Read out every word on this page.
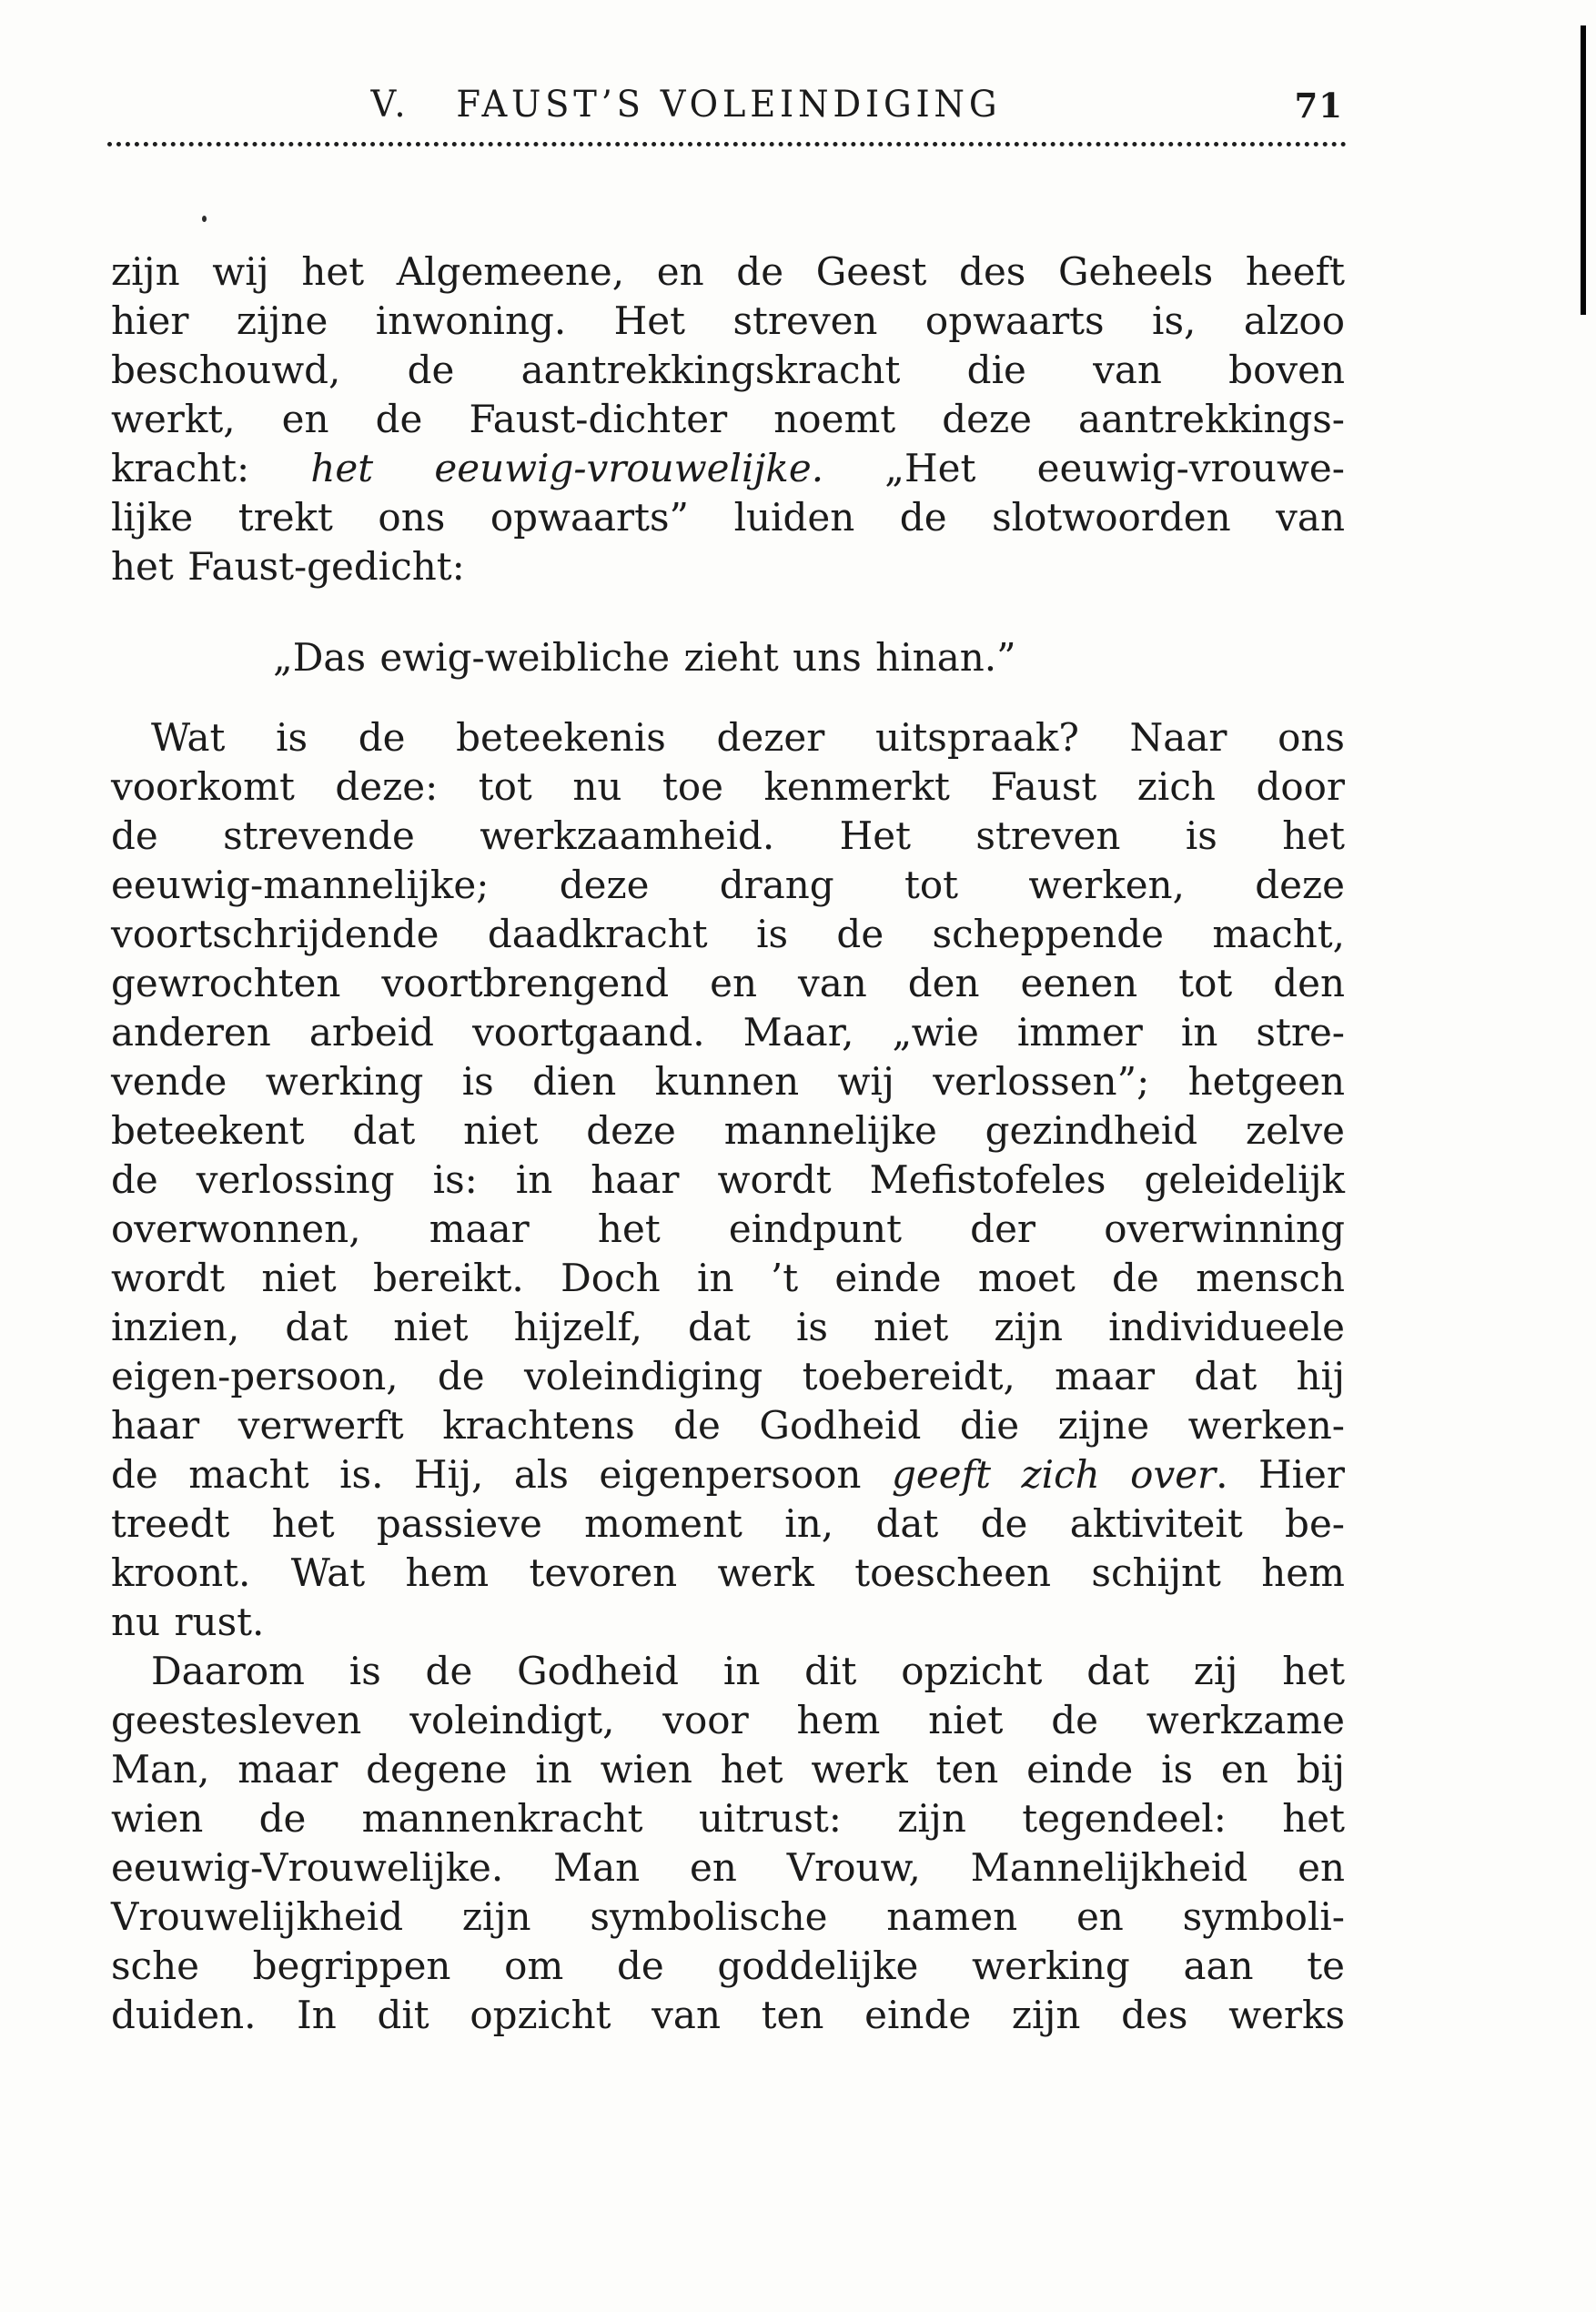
V.   FAUST’S VOLEINDIGING	71
zijn wij het Algemeene, en de Geest des Geheels heeft
hier zijne inwoning. Het streven opwaarts is, alzoo
beschouwd, de aantrekkingskracht die van boven
werkt, en de Faust-dichter noemt deze aantrekkings-
kracht: het eeuwig-vrouwelijke. „Het eeuwig-vrouwe-
lijke trekt ons opwaarts” luiden de slotwoorden van
het Faust-gedicht:
„Das ewig-weibliche zieht uns hinan.”
Wat is de beteekenis dezer uitspraak? Naar ons
voorkomt deze: tot nu toe kenmerkt Faust zich door
de strevende werkzaamheid. Het streven is het
eeuwig-mannelijke; deze drang tot werken, deze
voortschrijdende daadkracht is de scheppende macht,
gewrochten voortbrengend en van den eenen tot den
anderen arbeid voortgaand. Maar, „wie immer in stre-
vende werking is dien kunnen wij verlossen”; hetgeen
beteekent dat niet deze mannelijke gezindheid zelve
de verlossing is: in haar wordt Mefistofeles geleidelijk
overwonnen, maar het eindpunt der overwinning
wordt niet bereikt. Doch in ’t einde moet de mensch
inzien, dat niet hijzelf, dat is niet zijn individueele
eigen-persoon, de voleindiging toebereidt, maar dat hij
haar verwerft krachtens de Godheid die zijne werken-
de macht is. Hij, als eigenpersoon geeft zich over. Hier
treedt het passieve moment in, dat de aktiviteit be-
kroont. Wat hem tevoren werk toescheen schijnt hem
nu rust.
Daarom is de Godheid in dit opzicht dat zij het
geestesleven voleindigt, voor hem niet de werkzame
Man, maar degene in wien het werk ten einde is en bij
wien de mannenkracht uitrust: zijn tegendeel: het
eeuwig-Vrouwelijke. Man en Vrouw, Mannelijkheid en
Vrouwelijkheid zijn symbolische namen en symboli-
sche begrippen om de goddelijke werking aan te
duiden. In dit opzicht van ten einde zijn des werks
